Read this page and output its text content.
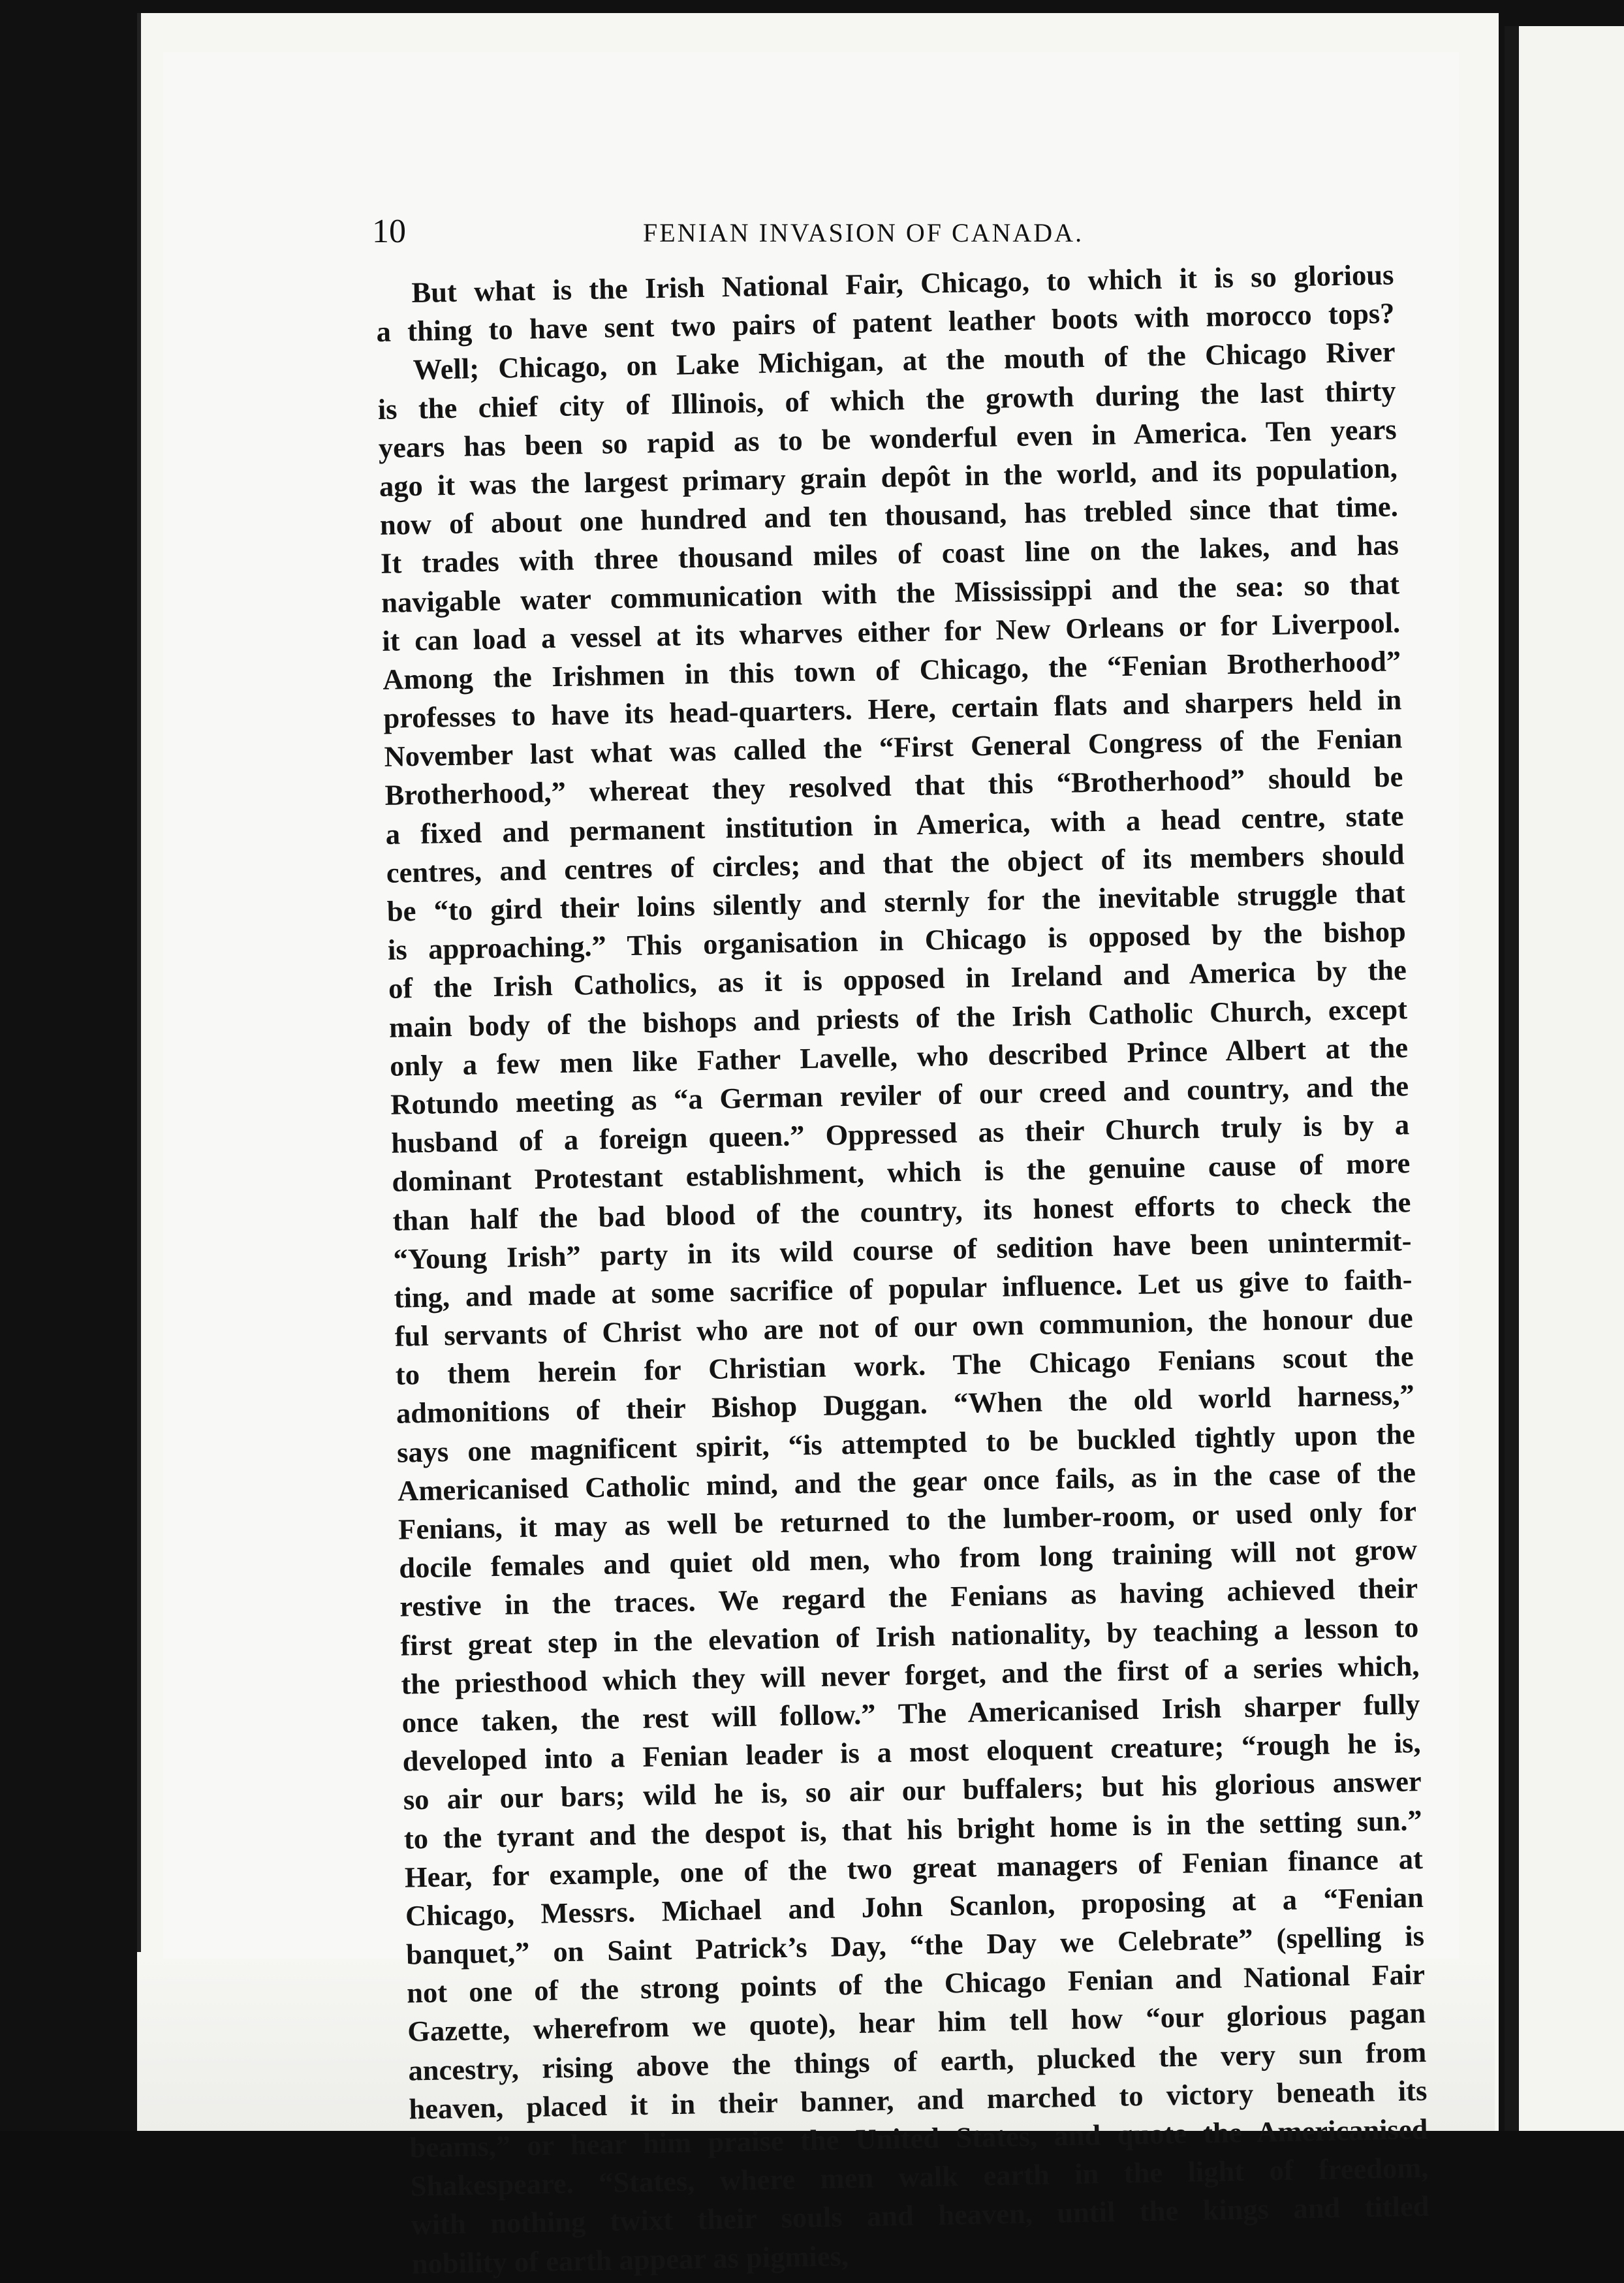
10	FENIAN INVASION OF CANADA.
But what is the Irish National Fair, Chicago, to which it is so glorious
a thing to have sent two pairs of patent leather boots with morocco tops?
Well; Chicago, on Lake Michigan, at the mouth of the Chicago River
is the chief city of Illinois, of which the growth during the last thirty
years has been so rapid as to be wonderful even in America. Ten years
ago it was the largest primary grain depôt in the world, and its population,
now of about one hundred and ten thousand, has trebled since that time.
It trades with three thousand miles of coast line on the lakes, and has
navigable water communication with the Mississippi and the sea: so that
it can load a vessel at its wharves either for New Orleans or for Liverpool.
Among the Irishmen in this town of Chicago, the “Fenian Brotherhood”
professes to have its head-quarters. Here, certain flats and sharpers held in
November last what was called the “First General Congress of the Fenian
Brotherhood,” whereat they resolved that this “Brotherhood” should be
a fixed and permanent institution in America, with a head centre, state
centres, and centres of circles; and that the object of its members should
be “to gird their loins silently and sternly for the inevitable struggle that
is approaching.” This organisation in Chicago is opposed by the bishop
of the Irish Catholics, as it is opposed in Ireland and America by the
main body of the bishops and priests of the Irish Catholic Church, except
only a few men like Father Lavelle, who described Prince Albert at the
Rotundo meeting as “a German reviler of our creed and country, and the
husband of a foreign queen.” Oppressed as their Church truly is by a
dominant Protestant establishment, which is the genuine cause of more
than half the bad blood of the country, its honest efforts to check the
“Young Irish” party in its wild course of sedition have been unintermit-
ting, and made at some sacrifice of popular influence. Let us give to faith-
ful servants of Christ who are not of our own communion, the honour due
to them herein for Christian work. The Chicago Fenians scout the
admonitions of their Bishop Duggan. “When the old world harness,”
says one magnificent spirit, “is attempted to be buckled tightly upon the
Americanised Catholic mind, and the gear once fails, as in the case of the
Fenians, it may as well be returned to the lumber-room, or used only for
docile females and quiet old men, who from long training will not grow
restive in the traces. We regard the Fenians as having achieved their
first great step in the elevation of Irish nationality, by teaching a lesson to
the priesthood which they will never forget, and the first of a series which,
once taken, the rest will follow.” The Americanised Irish sharper fully
developed into a Fenian leader is a most eloquent creature; “rough he is,
so air our bars; wild he is, so air our buffalers; but his glorious answer
to the tyrant and the despot is, that his bright home is in the setting sun.”
Hear, for example, one of the two great managers of Fenian finance at
Chicago, Messrs. Michael and John Scanlon, proposing at a “Fenian
banquet,” on Saint Patrick’s Day, “the Day we Celebrate” (spelling is
not one of the strong points of the Chicago Fenian and National Fair
Gazette, wherefrom we quote), hear him tell how “our glorious pagan
ancestry, rising above the things of earth, plucked the very sun from
heaven, placed it in their banner, and marched to victory beneath its
beams,” or hear him praise the United States, and quote the Americanised
Shakespeare. “States, where men walk earth in the light of freedom,
with nothing twixt their souls and heaven, until the kings and titled
nobility of earth appear as pigmies,
